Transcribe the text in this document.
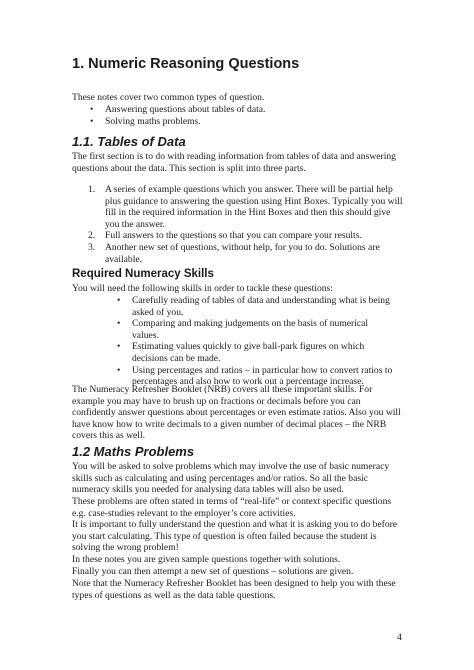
1. Numeric Reasoning Questions

These notes cover two common types of question.

• Answering questions about tables of data.
• Solving maths problems.
1.1. Tables of Data

The first section is to do with reading information from tables of data and answering questions about the data. This section is split into three parts.

1. A series of example questions which you answer. There will be partial help plus guidance to answering the question using Hint Boxes. Typically you will fill in the required information in the Hint Boxes and then this should give you the answer.
2. Full answers to the questions so that you can compare your results.
3. Another new set of questions, without help, for you to do. Solutions are available.
Required Numeracy Skills

You will need the following skills in order to tackle these questions:

• Carefully reading of tables of data and understanding what is being asked of you.
• Comparing and making judgements on the basis of numerical values.
• Estimating values quickly to give ball-park figures on which decisions can be made.
• Using percentages and ratios – in particular how to convert ratios to percentages and also how to work out a percentage increase.

The Numeracy Refresher Booklet (NRB) covers all these important skills. For example you may have to brush up on fractions or decimals before you can confidently answer questions about percentages or even estimate ratios. Also you will have know how to write decimals to a given number of decimal places – the NRB covers this as well.

1.2 Maths Problems

You will be asked to solve problems which may involve the use of basic numeracy skills such as calculating and using percentages and/or ratios. So all the basic numeracy skills you needed for analysing data tables will also be used.

These problems are often stated in terms of “real-life” or context specific questions e.g. case-studies relevant to the employer’s core activities.

It is important to fully understand the question and what it is asking you to do before you start calculating. This type of question is often failed because the student is solving the wrong problem!

In these notes you are given sample questions together with solutions.

Finally you can then attempt a new set of questions – solutions are given.

Note that the Numeracy Refresher Booklet has been designed to help you with these types of questions as well as the data table questions.

4
